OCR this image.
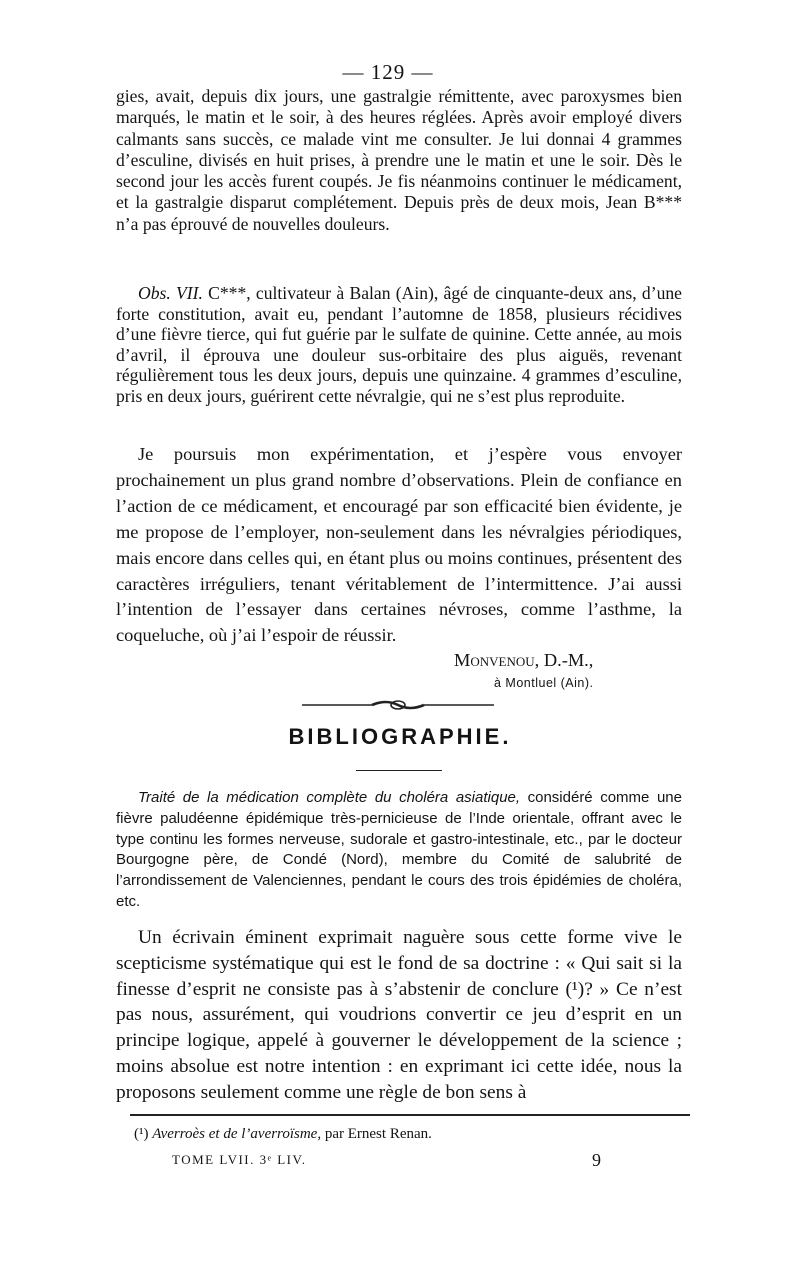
— 129 —

gies, avait, depuis dix jours, une gastralgie rémittente, avec paroxysmes bien marqués, le matin et le soir, à des heures réglées. Après avoir employé divers calmants sans succès, ce malade vint me consulter. Je lui donnai 4 grammes d’esculine, divisés en huit prises, à prendre une le matin et une le soir. Dès le second jour les accès furent coupés. Je fis néanmoins continuer le médicament, et la gastralgie disparut complétement. Depuis près de deux mois, Jean B*** n’a pas éprouvé de nouvelles douleurs.

Obs. VII. C***, cultivateur à Balan (Ain), âgé de cinquante-deux ans, d’une forte constitution, avait eu, pendant l’automne de 1858, plusieurs récidives d’une fièvre tierce, qui fut guérie par le sulfate de quinine. Cette année, au mois d’avril, il éprouva une douleur sus-orbitaire des plus aiguës, revenant régulièrement tous les deux jours, depuis une quinzaine. 4 grammes d’esculine, pris en deux jours, guérirent cette névralgie, qui ne s’est plus reproduite.

Je poursuis mon expérimentation, et j’espère vous envoyer prochainement un plus grand nombre d’observations. Plein de confiance en l’action de ce médicament, et encouragé par son efficacité bien évidente, je me propose de l’employer, non-seulement dans les névralgies périodiques, mais encore dans celles qui, en étant plus ou moins continues, présentent des caractères irréguliers, tenant véritablement de l’intermittence. J’ai aussi l’intention de l’essayer dans certaines névroses, comme l’asthme, la coqueluche, où j’ai l’espoir de réussir.

Monvenou, D.-M.,
à Montluel (Ain).
BIBLIOGRAPHIE.

Traité de la médication complète du choléra asiatique, considéré comme une fièvre paludéenne épidémique très-pernicieuse de l’Inde orientale, offrant avec le type continu les formes nerveuse, sudorale et gastro-intestinale, etc., par le docteur Bourgogne père, de Condé (Nord), membre du Comité de salubrité de l’arrondissement de Valenciennes, pendant le cours des trois épidémies de choléra, etc.

Un écrivain éminent exprimait naguère sous cette forme vive le scepticisme systématique qui est le fond de sa doctrine : « Qui sait si la finesse d’esprit ne consiste pas à s’abstenir de conclure (¹)? » Ce n’est pas nous, assurément, qui voudrions convertir ce jeu d’esprit en un principe logique, appelé à gouverner le développement de la science ; moins absolue est notre intention : en exprimant ici cette idée, nous la proposons seulement comme une règle de bon sens à

(¹) Averroès et de l’averroïsme, par Ernest Renan.
TOME LVII. 3ᵉ LIV.	9
